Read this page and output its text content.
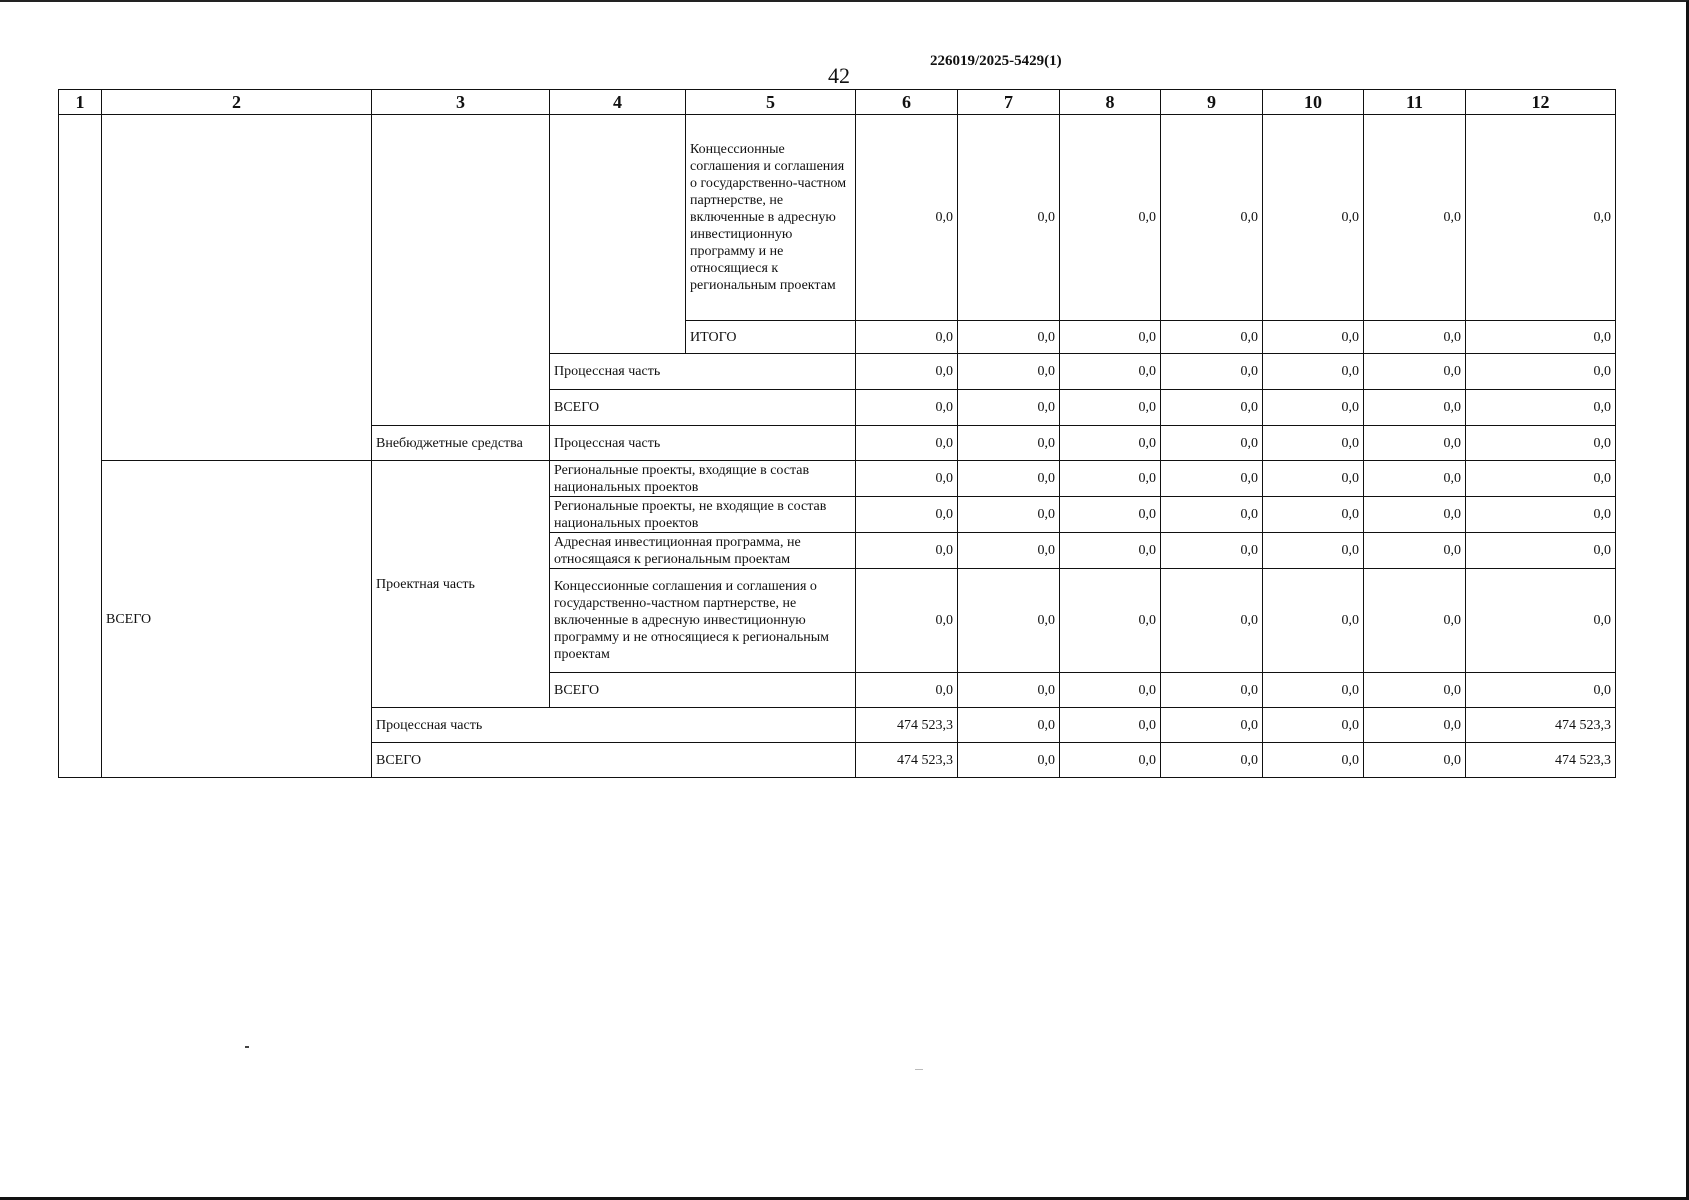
42
226019/2025-5429(1)
1	2	3	4	5	6	7	8	9	10	11	12
				Концессионные соглашения и соглашения о государственно-частном партнерстве, не включенные в адресную инвестиционную программу и не относящиеся к региональным проектам	0,0	0,0	0,0	0,0	0,0	0,0	0,0
				ИТОГО	0,0	0,0	0,0	0,0	0,0	0,0	0,0
			Процессная часть		0,0	0,0	0,0	0,0	0,0	0,0	0,0
			ВСЕГО		0,0	0,0	0,0	0,0	0,0	0,0	0,0
		Внебюджетные средства	Процессная часть		0,0	0,0	0,0	0,0	0,0	0,0	0,0
	ВСЕГО	Проектная часть	Региональные проекты, входящие в состав национальных проектов		0,0	0,0	0,0	0,0	0,0	0,0	0,0
			Региональные проекты, не входящие в состав национальных проектов		0,0	0,0	0,0	0,0	0,0	0,0	0,0
			Адресная инвестиционная программа, не относящаяся к региональным проектам		0,0	0,0	0,0	0,0	0,0	0,0	0,0
			Концессионные соглашения и соглашения о государственно-частном партнерстве, не включенные в адресную инвестиционную программу и не относящиеся к региональным проектам		0,0	0,0	0,0	0,0	0,0	0,0	0,0
			ВСЕГО		0,0	0,0	0,0	0,0	0,0	0,0	0,0
		Процессная часть			474 523,3	0,0	0,0	0,0	0,0	0,0	474 523,3
		ВСЕГО			474 523,3	0,0	0,0	0,0	0,0	0,0	474 523,3
